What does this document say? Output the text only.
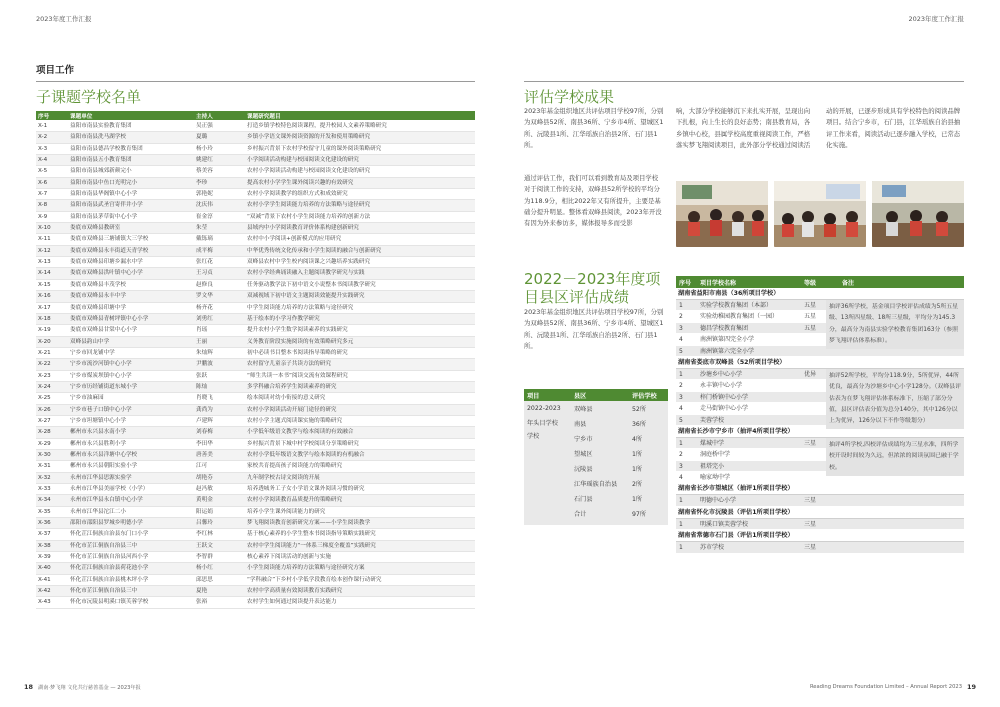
2023年度工作汇报	2023年度工作汇报
项目工作
子课题学校名单
序号	课题单位	主持人	课题研究题目
X-1	益阳市南县实验教育集团	吴正强	打造乡镇学校特色阅读课程，提升校园人文素养策略研究
X-2	益阳市南县洗马湖学校	夏璐	乡镇小学语文课外阅读资源的开发和使用策略研究
X-3	益阳市南县德昌学校教育集团	杨小玲	乡村振兴背景下农村学校留守儿童的课外阅读策略研究
X-4	益阳市南县五小教育集团	姚建红	小学阅读活动构建与校园阅读文化建设的研究
X-5	益阳市南县城郊新颜完小	蔡美容	农村小学阅读活动构建与校园阅读文化建设的研究
X-6	益阳市南县中鱼口光明完小	李珍	提高农村小学学生课外阅读兴趣的有效研究
X-7	益阳市南县华阁镇中心小学	郭艳妮	农村小学阅读教学的组织方式和成效研究
X-8	益阳市南县武圣宫寄伴井小学	沈庆伟	农村小学学生阅读能力培养的方法策略与途径研究
X-9	益阳市南县茅草街中心小学	崔金淳	“双减”背景下农村小学生阅读能力培养的创新方法
X-10	娄底市双峰县教研室	朱莹	县域内中小学阅读教育评价体系构建创新研究
X-11	娄底市双峰县三塘铺镇大三学校	戴铄璃	农村中小学阅读+创新模式的应用研究
X-12	娄底市双峰县永丰街道天青学校	成平梅	中华优秀传统文化传承和小学生阅读的融合与创新研究
X-13	娄底市双峰县印塘乡漏水中学	张红花	双峰县农村中学生校内阅读课之兴趣培养实践研究
X-14	娄底市双峰县洪叶镇中心小学	王习贞	农村小学经典诵读融入主题阅读教学研究与实践
X-15	娄底市双峰县丰茂学校	赵修良	任务驱动教学法下初中语文小说整本书阅读教学研究
X-16	娄底市双峰县永丰中学	罗文华	双减视域下初中语文主题阅读效能提升实践研究
X-17	娄底市双峰县印塘中学	杨齐花	中学生阅读能力培养的方法策略与途径研究
X-18	娄底市双峰县青树坪镇中心小学	刘勇红	基于绘本的小学习作教学研究
X-19	娄底市双峰县甘棠中心小学	肖瑶	提升农村小学生数学阅读素养的实践研究
X-20	双峰县韵山中学	王丽	义务教育阶段实施阅读的有效策略研究多元
X-21	宁乡市回龙铺中学	朱灿辉	初中必读书目整本书阅读指导策略的研究
X-22	宁乡市流沙河镇中心小学	尹鹏波	农村留守儿童亲子共读方法的研究
X-23	宁乡市煤炭坝镇中心小学	张跃	“师生共读一本书”阅读交流有效课程研究
X-24	宁乡市历经铺街道东城小学	陈灿	多学科融合培养学生阅读素养的研究
X-25	宁乡市油麻园	肖晓飞	绘本阅读对幼小衔接的意义研究
X-26	宁乡市巷子口镇中心小学	龚尚为	农村小学阅读活动开展门途径的研究
X-27	宁乡市坦塘镇中心小学	卢建辉	农村小学主题式阅读课实施的策略研究
X-28	郴州市永兴县水南小学	刘春梅	小学低年级语文教学与绘本阅读的有效融合
X-29	郴州市永兴县胜利小学	李田华	乡村振兴背景下城中村学校阅读分享策略研究
X-30	郴州市永兴县洋塘中心学校	唐善美	农村小学低年级语文教学与绘本阅读的有机融合
X-31	郴州市永兴县朝阳实验小学	江可	家校共育提高孩子阅读能力的策略研究
X-32	永州市江华县思源实验学	胡艳芬	九年制学校古诗文阅读的开展
X-33	永州市江华县美丽学校（小学）	赵冯敏	培养透城务工子女小学语文课外阅读习惯的研究
X-34	永州市江华县永白镇中心小学	黄明金	农村小学阅读教育品质提升的策略研究
X-35	永州市江华县沱江二小	阳运娟	培养小学生课外阅读能力的研究
X-36	邵阳市邵阳县罗城乡明德小学	吕馨玲	梦飞翔阅读教育创新研究方案——小学生阅读教学
X-37	怀化芷江侗族自治县东门口小学	李红林	基于核心素养的小学生整本书阅读指导策略实践研究
X-38	怀化市芷江侗族自治县三中	王跃文	农村中学生阅读能力“一体系三梯度全覆盖”实践研究
X-39	怀化市芷江侗族自治县河西小学	李智群	核心素养下阅读活动的创新与实施
X-40	怀化芷江侗族自治县荷花池小学	杨小红	小学生阅读能力培养的方法策略与途径研究方案
X-41	怀化芷江侗族自治县桃木坪小学	邱思思	“学科融合”下乡村小学低学段教育绘本创作课行动研究
X-42	怀化市芷江侗族自治县三中	夏艳	农村中学高质量有效阅读教育实践研究
X-43	怀化市沅陵县明溪口镇芙蓉学校	张裕	农村学生如何通过阅读提升表达能力
评估学校成果
2023年基金组织地区共评估项目学校97所，分别为双峰县52所、南县36所、宁乡市4所、望城区1所、沅陵县1所、江华瑶族自治县2所、石门县1所。
通过评估工作，我们可以看到教育局及项目学校对于阅读工作的支持，双峰县52所学校的平均分为118.9分，相比2022年又有所提升，主要是基础分提升明显。整体看双峰县阅读，2023年开没有因为外来参访多，媒体报导多而受影
响，大部分学校能够沉下来扎实开展，呈现出向下扎根，向上生长的良好态势；南县教育局，各乡镇中心校，县属学校高度重视阅读工作，严格落实梦飞翔阅读项目，此外部分学校通过阅读活
动的开展，已逐步形成具有学校特色的阅读品牌项目。结合宁乡市，石门县，江华瑶族自治县抽评工作来看，阅读活动已逐步融入学校，已常态化实施。
2022－2023年度项目县区评估成绩
2023年基金组织地区共评估项目学校97所，分别为双峰县52所、南县36所、宁乡市4所、望城区1所、沅陵县1所、江华瑶族自治县2所、石门县1所。
项目	县区	评估学校
2022-2023
年头目学校
学校
双峰县	52所
南县	36所
宁乡市	4所
望城区	1所
沅陵县	1所
江华瑶族自治县 2所
石门县	1所
合计	97所
序号 项目学校名称	等级	备注
湖南省益阳市南县（36所项目学校）
1	实验学校教育集团（本部）	五星
2	实验幼稚园教育集团（一园）	五星
3	德昌学校教育集团	五星
4	南洲镇第四完全小学
5	南洲镇第六完全小学
抽评36所学校，基金项目学校评估成绩为5所五星级、13所四星级、18所三星级，平均分为145.3分，最高分为南县实验学校教育集团163分（参照梦飞翔评估体系标准）。
湖南省娄底市双峰县（52所项目学校）
1	沙塘乡中心小学	优异
2	永丰镇中心小学
3	梓门桥镇中心小学
4	走马街镇中心小学
5	芙蓉学校
抽评52所学校，平均分118.9分，5所优异，44所优良，最高分为沙塘乡中心小学128分。（双峰县评估表为在梦飞翔评估体系标准下，压缩了部分分值，县区评估表分值为总分140分，其中126分以上为优异，126分以下不作等级划分）
湖南省长沙市宁乡市（抽评4所项目学校）
1	煤城中学	三星
2	洞庭桥中学
3	祖塔完小
4	喻家坳中学
抽评4所学校,四校评估成绩均为三星水准，四所学校开设时间较为久远，但浓浓的阅读氛围已融于学校。
湖南省长沙市望城区（抽评1所项目学校）
1	明德中心小学	三星
湖南省怀化市沅陵县（评估1所项目学校）
1	明溪口镇芙蓉学校	三星
湖南省常德市石门县（评估1所项目学校）
1	苏市学校	三星
18 湖南·梦飞翔 文化共行慈善基金 — 2023年报	Reading Dreams Foundation Limited – Annual Report 2023 19
